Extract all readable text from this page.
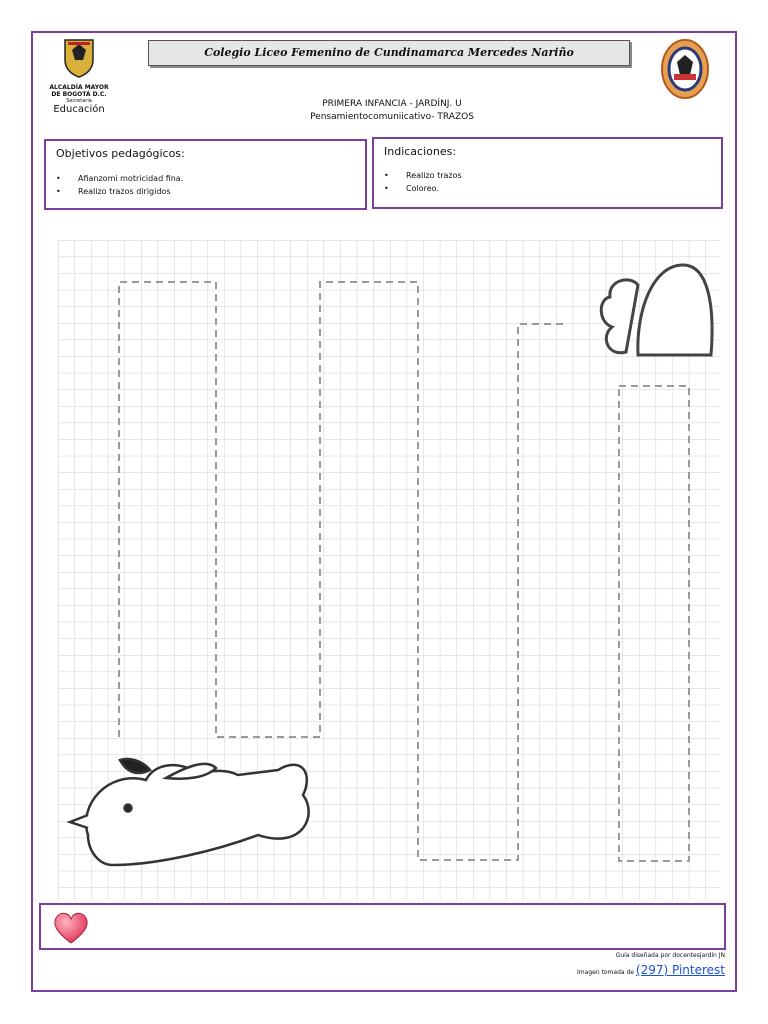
ALCALDÍA MAYOR
DE BOGOTÁ D.C.
Secretaría
Educación
Colegio Liceo Femenino de Cundinamarca Mercedes Nariño
PRIMERA INFANCIA - JARDÍNJ. U
Pensamientocomuniicativo- TRAZOS
Objetivos pedagógicos:
• Afianzomi motricidad fina.
• Realizo trazos dirigidos
Indicaciones:
• Realizo trazos
• Coloreo.
Guía diseñada por docentesjardín JN
Imagen tomada de (297) Pinterest
